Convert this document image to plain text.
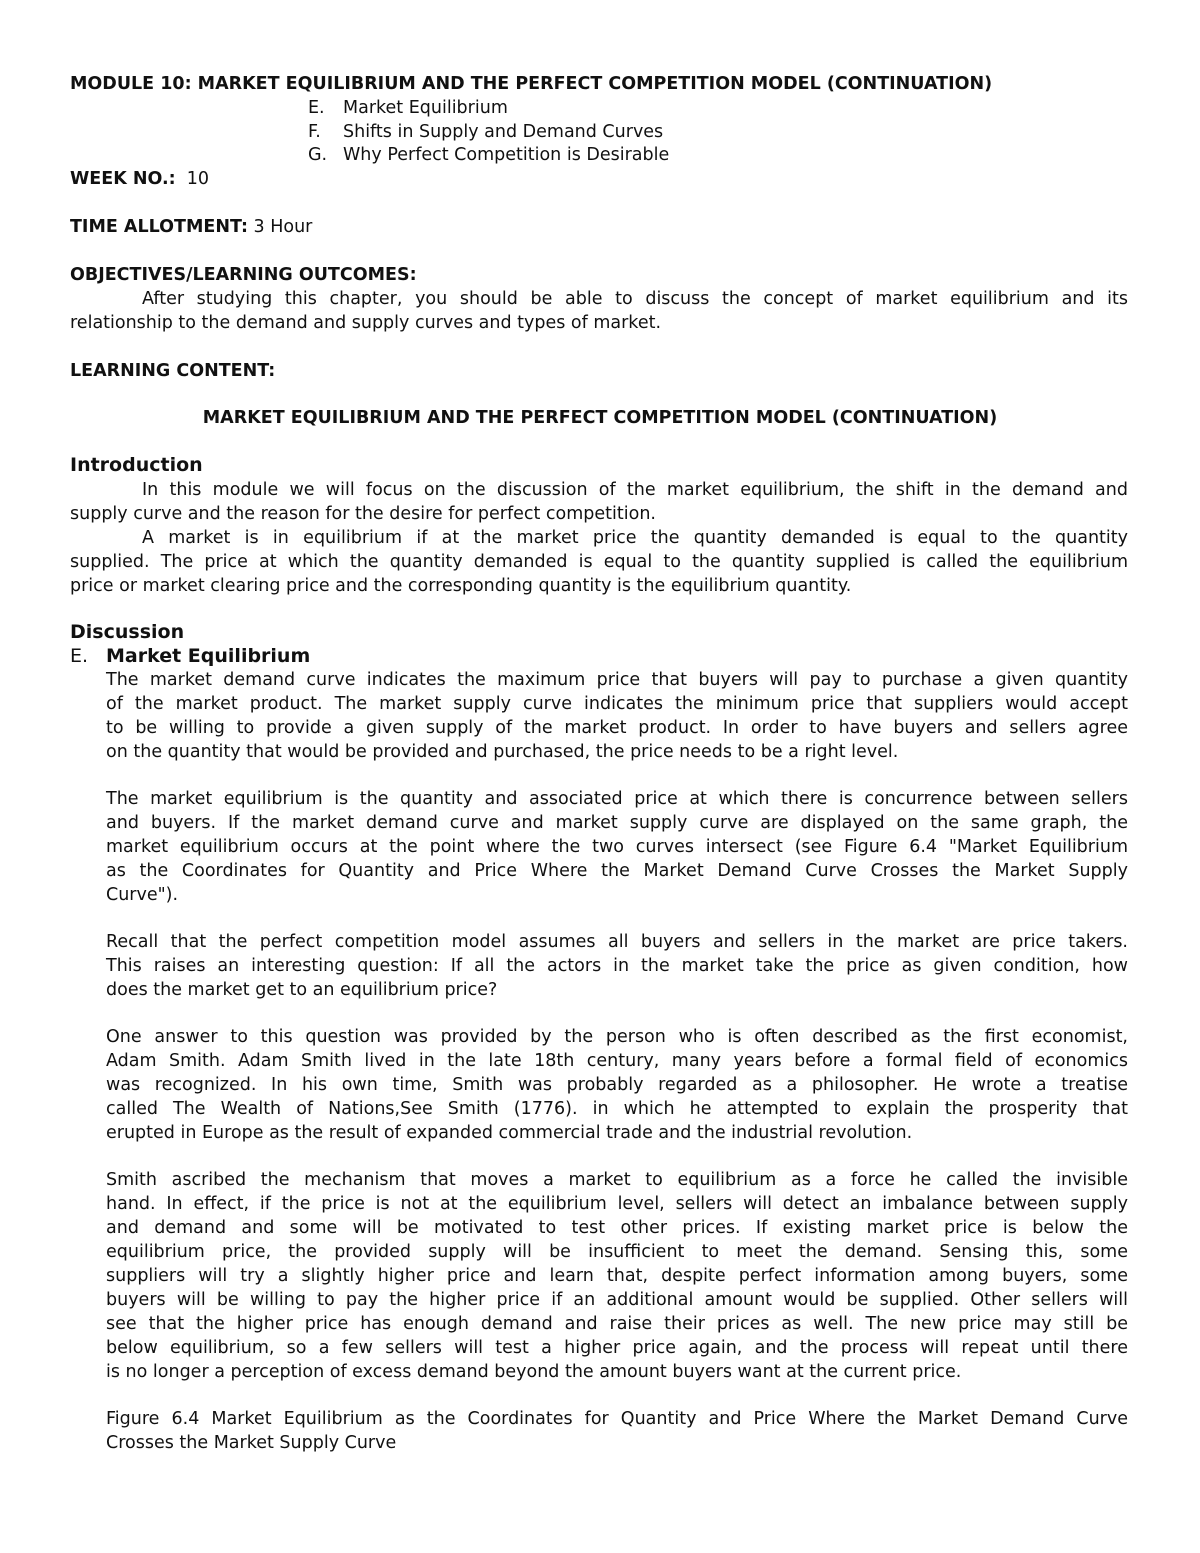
MODULE 10: MARKET EQUILIBRIUM AND THE PERFECT COMPETITION MODEL (CONTINUATION)
E. Market Equilibrium
F. Shifts in Supply and Demand Curves
G. Why Perfect Competition is Desirable
WEEK NO.: 10
TIME ALLOTMENT: 3 Hour
OBJECTIVES/LEARNING OUTCOMES:
After studying this chapter, you should be able to discuss the concept of market equilibrium and its
relationship to the demand and supply curves and types of market.
LEARNING CONTENT:
MARKET EQUILIBRIUM AND THE PERFECT COMPETITION MODEL (CONTINUATION)
Introduction
In this module we will focus on the discussion of the market equilibrium, the shift in the demand and
supply curve and the reason for the desire for perfect competition.
A market is in equilibrium if at the market price the quantity demanded is equal to the quantity
supplied. The price at which the quantity demanded is equal to the quantity supplied is called the equilibrium
price or market clearing price and the corresponding quantity is the equilibrium quantity.
Discussion
E. Market Equilibrium
The market demand curve indicates the maximum price that buyers will pay to purchase a given quantity
of the market product. The market supply curve indicates the minimum price that suppliers would accept
to be willing to provide a given supply of the market product. In order to have buyers and sellers agree
on the quantity that would be provided and purchased, the price needs to be a right level.
The market equilibrium is the quantity and associated price at which there is concurrence between sellers
and buyers. If the market demand curve and market supply curve are displayed on the same graph, the
market equilibrium occurs at the point where the two curves intersect (see Figure 6.4 "Market Equilibrium
as the Coordinates for Quantity and Price Where the Market Demand Curve Crosses the Market Supply
Curve").
Recall that the perfect competition model assumes all buyers and sellers in the market are price takers.
This raises an interesting question: If all the actors in the market take the price as given condition, how
does the market get to an equilibrium price?
One answer to this question was provided by the person who is often described as the first economist,
Adam Smith. Adam Smith lived in the late 18th century, many years before a formal field of economics
was recognized. In his own time, Smith was probably regarded as a philosopher. He wrote a treatise
called The Wealth of Nations,See Smith (1776). in which he attempted to explain the prosperity that
erupted in Europe as the result of expanded commercial trade and the industrial revolution.
Smith ascribed the mechanism that moves a market to equilibrium as a force he called the invisible
hand. In effect, if the price is not at the equilibrium level, sellers will detect an imbalance between supply
and demand and some will be motivated to test other prices. If existing market price is below the
equilibrium price, the provided supply will be insufficient to meet the demand. Sensing this, some
suppliers will try a slightly higher price and learn that, despite perfect information among buyers, some
buyers will be willing to pay the higher price if an additional amount would be supplied. Other sellers will
see that the higher price has enough demand and raise their prices as well. The new price may still be
below equilibrium, so a few sellers will test a higher price again, and the process will repeat until there
is no longer a perception of excess demand beyond the amount buyers want at the current price.
Figure 6.4 Market Equilibrium as the Coordinates for Quantity and Price Where the Market Demand Curve
Crosses the Market Supply Curve
